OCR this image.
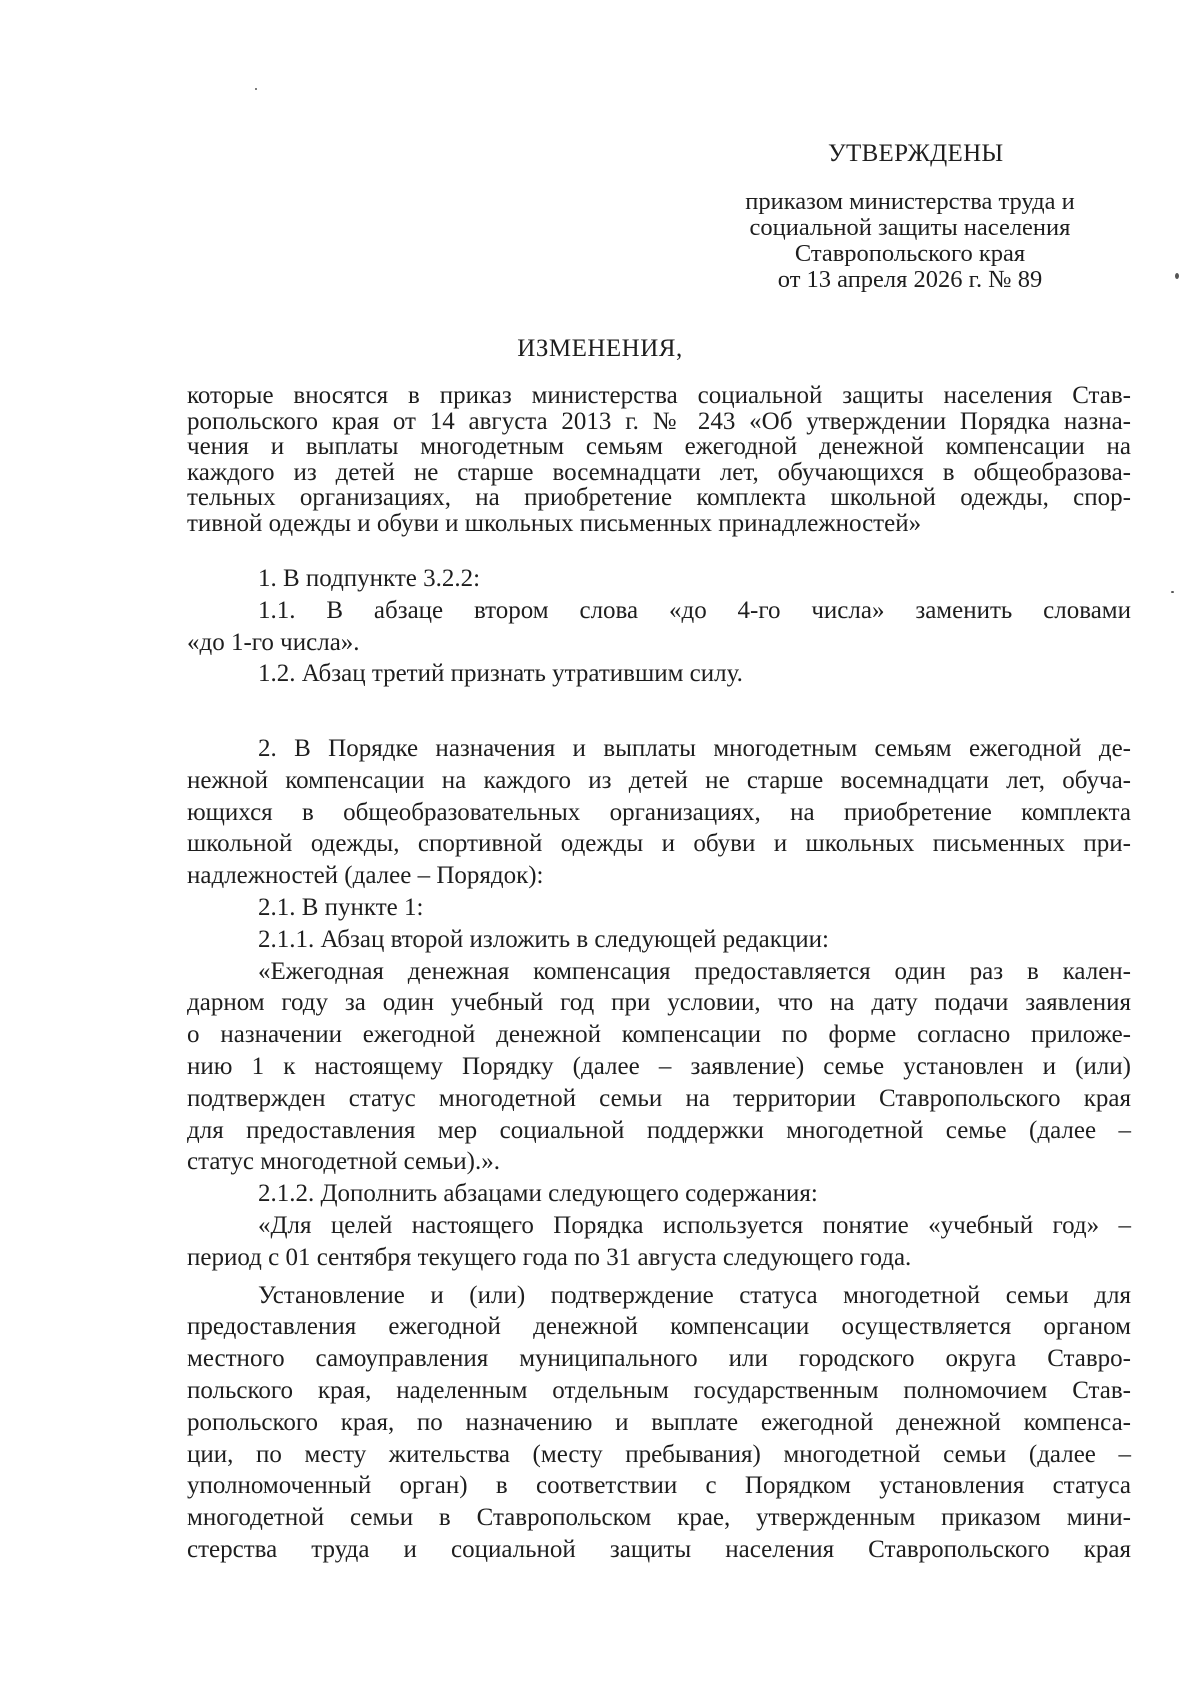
УТВЕРЖДЕНЫ
приказом министерства труда и
социальной защиты населения
Ставропольского края
от 13 апреля 2026 г. № 89
ИЗМЕНЕНИЯ,
которые вносятся в приказ министерства социальной защиты населения Став-
ропольского края от 14 августа 2013 г. № 243 «Об утверждении Порядка назна-
чения и выплаты многодетным семьям ежегодной денежной компенсации на
каждого из детей не старше восемнадцати лет, обучающихся в общеобразова-
тельных организациях, на приобретение комплекта школьной одежды, спор-
тивной одежды и обуви и школьных письменных принадлежностей»
1. В подпункте 3.2.2:
1.1. В абзаце втором слова «до 4-го числа» заменить словами
«до 1-го числа».
1.2. Абзац третий признать утратившим силу.
2. В Порядке назначения и выплаты многодетным семьям ежегодной де-
нежной компенсации на каждого из детей не старше восемнадцати лет, обуча-
ющихся в общеобразовательных организациях, на приобретение комплекта
школьной одежды, спортивной одежды и обуви и школьных письменных при-
надлежностей (далее – Порядок):
2.1. В пункте 1:
2.1.1. Абзац второй изложить в следующей редакции:
«Ежегодная денежная компенсация предоставляется один раз в кален-
дарном году за один учебный год при условии, что на дату подачи заявления
о назначении ежегодной денежной компенсации по форме согласно приложе-
нию 1 к настоящему Порядку (далее – заявление) семье установлен и (или)
подтвержден статус многодетной семьи на территории Ставропольского края
для предоставления мер социальной поддержки многодетной семье (далее –
статус многодетной семьи).».
2.1.2. Дополнить абзацами следующего содержания:
«Для целей настоящего Порядка используется понятие «учебный год» –
период с 01 сентября текущего года по 31 августа следующего года.
Установление и (или) подтверждение статуса многодетной семьи для
предоставления ежегодной денежной компенсации осуществляется органом
местного самоуправления муниципального или городского округа Ставро-
польского края, наделенным отдельным государственным полномочием Став-
ропольского края, по назначению и выплате ежегодной денежной компенса-
ции, по месту жительства (месту пребывания) многодетной семьи (далее –
уполномоченный орган) в соответствии с Порядком установления статуса
многодетной семьи в Ставропольском крае, утвержденным приказом мини-
стерства труда и социальной защиты населения Ставропольского края
